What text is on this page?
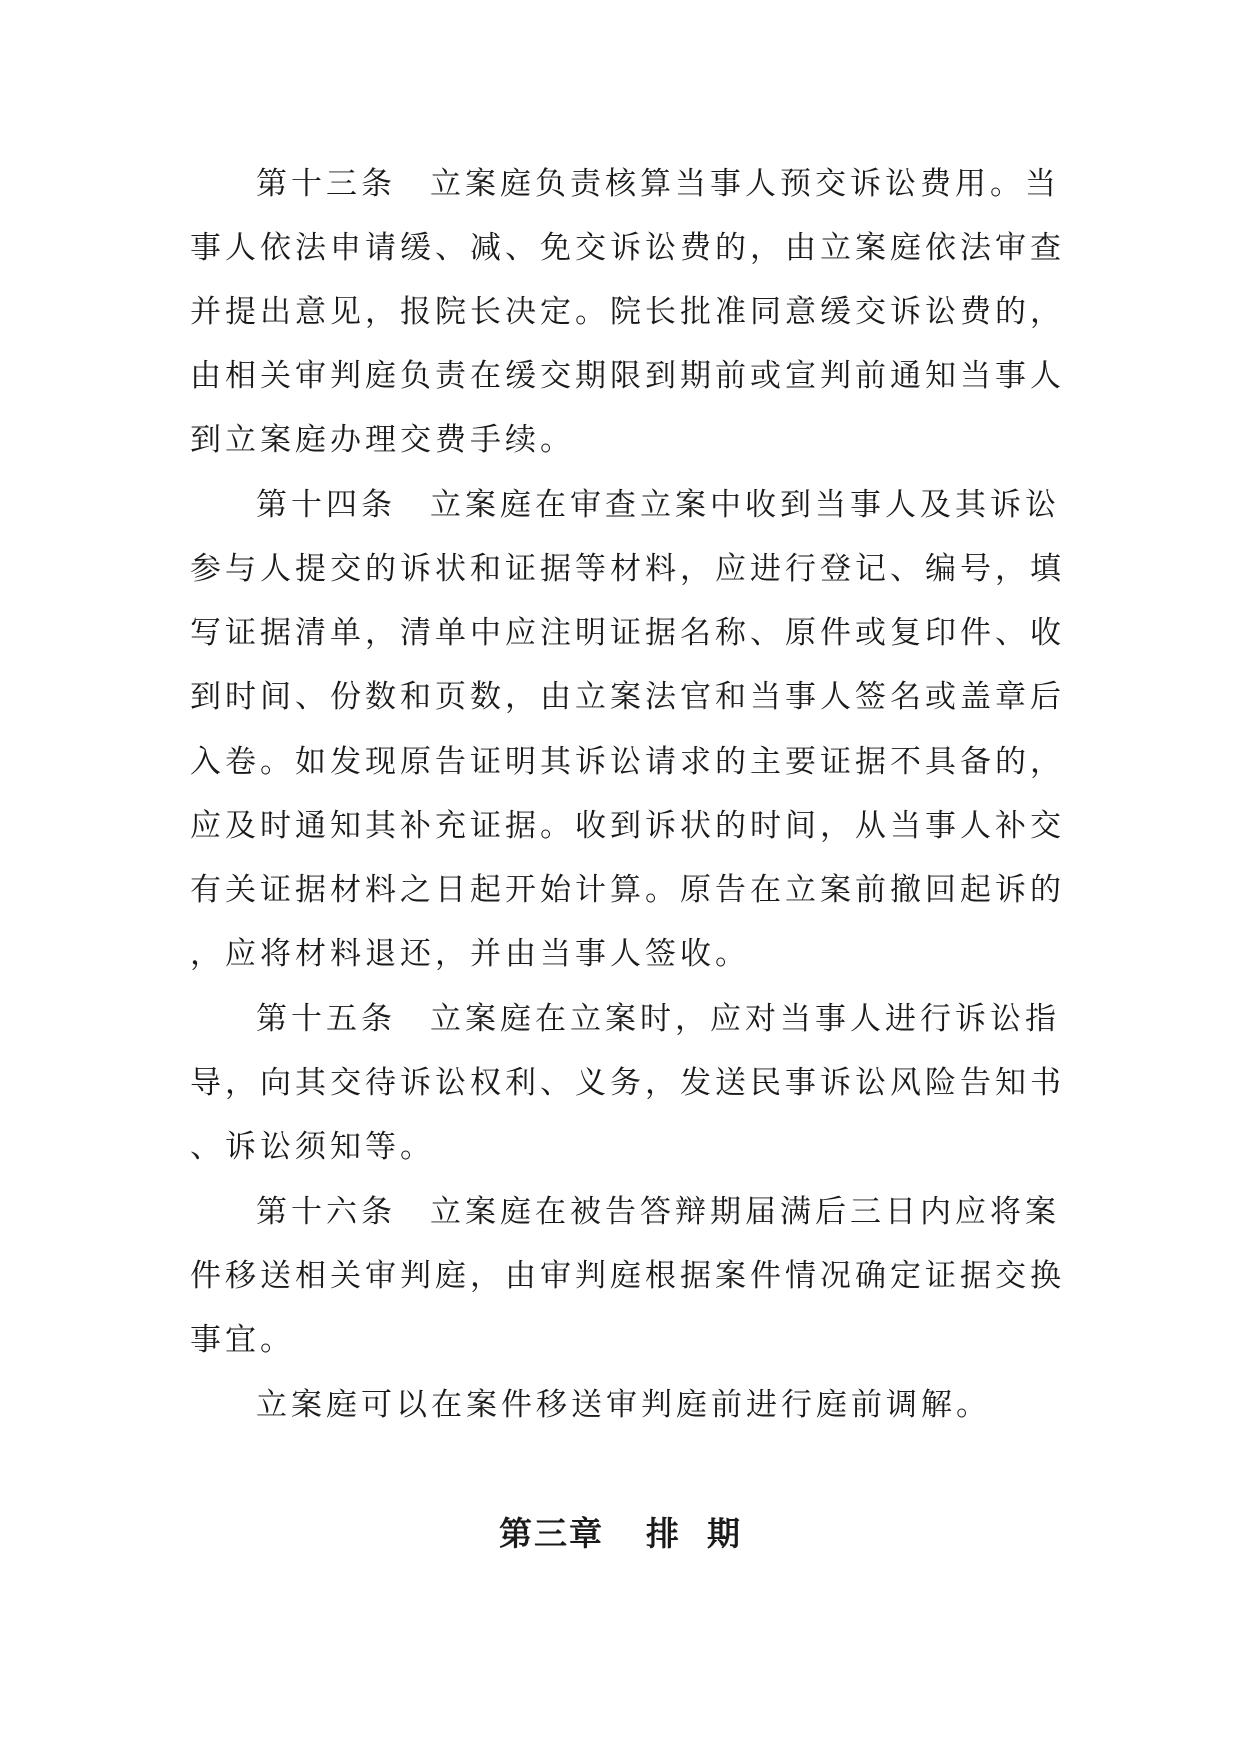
第十三条 立案庭负责核算当事人预交诉讼费用。当
事人依法申请缓、减、免交诉讼费的，由立案庭依法审查
并提出意见，报院长决定。院长批准同意缓交诉讼费的，
由相关审判庭负责在缓交期限到期前或宣判前通知当事人
到立案庭办理交费手续。
第十四条 立案庭在审查立案中收到当事人及其诉讼
参与人提交的诉状和证据等材料，应进行登记、编号，填
写证据清单，清单中应注明证据名称、原件或复印件、收
到时间、份数和页数，由立案法官和当事人签名或盖章后
入卷。如发现原告证明其诉讼请求的主要证据不具备的，
应及时通知其补充证据。收到诉状的时间，从当事人补交
有关证据材料之日起开始计算。原告在立案前撤回起诉的
，应将材料退还，并由当事人签收。
第十五条 立案庭在立案时，应对当事人进行诉讼指
导，向其交待诉讼权利、义务，发送民事诉讼风险告知书
、诉讼须知等。
第十六条 立案庭在被告答辩期届满后三日内应将案
件移送相关审判庭，由审判庭根据案件情况确定证据交换
事宜。
立案庭可以在案件移送审判庭前进行庭前调解。
第三章 排 期
